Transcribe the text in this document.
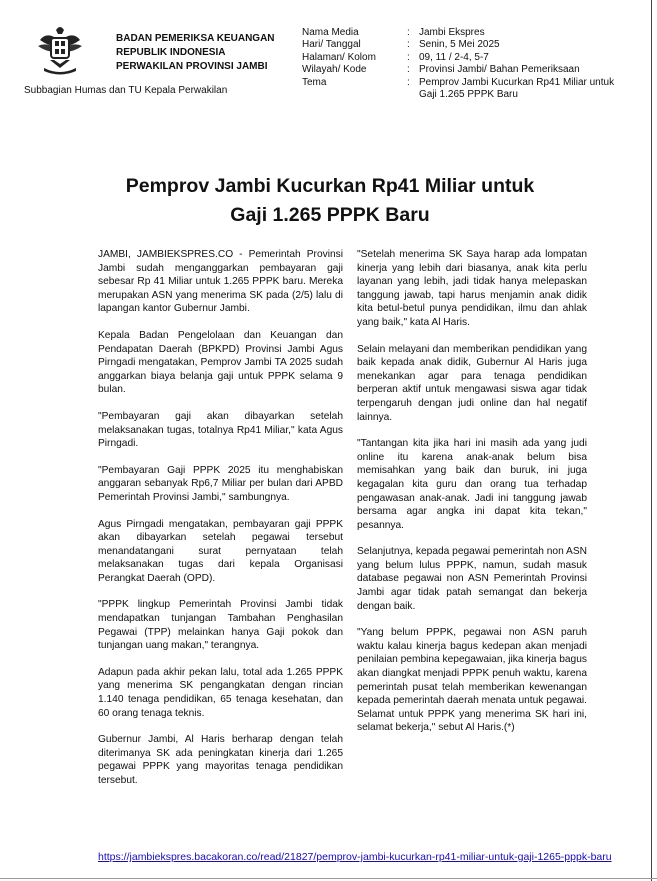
BADAN PEMERIKSA KEUANGAN
REPUBLIK INDONESIA
PERWAKILAN PROVINSI JAMBI
Subbagian Humas dan TU Kepala Perwakilan
Nama Media	: Jambi Ekspres
Hari/ Tanggal	: Senin, 5 Mei 2025
Halaman/ Kolom	: 09, 11 / 2-4, 5-7
Wilayah/ Kode	: Provinsi Jambi/ Bahan Pemeriksaan
Tema	: Pemprov Jambi Kucurkan Rp41 Miliar untuk Gaji 1.265 PPPK Baru
Pemprov Jambi Kucurkan Rp41 Miliar untuk
Gaji 1.265 PPPK Baru

JAMBI, JAMBIEKSPRES.CO - Pemerintah Provinsi Jambi sudah menganggarkan pembayaran gaji sebesar Rp 41 Miliar untuk 1.265 PPPK baru. Mereka merupakan ASN yang menerima SK pada (2/5) lalu di lapangan kantor Gubernur Jambi.

Kepala Badan Pengelolaan dan Keuangan dan Pendapatan Daerah (BPKPD) Provinsi Jambi Agus Pirngadi mengatakan, Pemprov Jambi TA 2025 sudah anggarkan biaya belanja gaji untuk PPPK selama 9 bulan.

"Pembayaran gaji akan dibayarkan setelah melaksanakan tugas, totalnya Rp41 Miliar," kata Agus Pirngadi.

"Pembayaran Gaji PPPK 2025 itu menghabiskan anggaran sebanyak Rp6,7 Miliar per bulan dari APBD Pemerintah Provinsi Jambi," sambungnya.

Agus Pirngadi mengatakan, pembayaran gaji PPPK akan dibayarkan setelah pegawai tersebut menandatangani surat pernyataan telah melaksanakan tugas dari kepala Organisasi Perangkat Daerah (OPD).

"PPPK lingkup Pemerintah Provinsi Jambi tidak mendapatkan tunjangan Tambahan Penghasilan Pegawai (TPP) melainkan hanya Gaji pokok dan tunjangan uang makan," terangnya.

Adapun pada akhir pekan lalu, total ada 1.265 PPPK yang menerima SK pengangkatan dengan rincian 1.140 tenaga pendidikan, 65 tenaga kesehatan, dan 60 orang tenaga teknis.

Gubernur Jambi, Al Haris berharap dengan telah diterimanya SK ada peningkatan kinerja dari 1.265 pegawai PPPK yang mayoritas tenaga pendidikan tersebut.

"Setelah menerima SK Saya harap ada lompatan kinerja yang lebih dari biasanya, anak kita perlu layanan yang lebih, jadi tidak hanya melepaskan tanggung jawab, tapi harus menjamin anak didik kita betul-betul punya pendidikan, ilmu dan ahlak yang baik," kata Al Haris.

Selain melayani dan memberikan pendidikan yang baik kepada anak didik, Gubernur Al Haris juga menekankan agar para tenaga pendidikan berperan aktif untuk mengawasi siswa agar tidak terpengaruh dengan judi online dan hal negatif lainnya.

"Tantangan kita jika hari ini masih ada yang judi online itu karena anak-anak belum bisa memisahkan yang baik dan buruk, ini juga kegagalan kita guru dan orang tua terhadap pengawasan anak-anak. Jadi ini tanggung jawab bersama agar angka ini dapat kita tekan," pesannya.

Selanjutnya, kepada pegawai pemerintah non ASN yang belum lulus PPPK, namun, sudah masuk database pegawai non ASN Pemerintah Provinsi Jambi agar tidak patah semangat dan bekerja dengan baik.

"Yang belum PPPK, pegawai non ASN paruh waktu kalau kinerja bagus kedepan akan menjadi penilaian pembina kepegawaian, jika kinerja bagus akan diangkat menjadi PPPK penuh waktu, karena pemerintah pusat telah memberikan kewenangan kepada pemerintah daerah menata untuk pegawai. Selamat untuk PPPK yang menerima SK hari ini, selamat bekerja," sebut Al Haris.(*)

https://jambiekspres.bacakoran.co/read/21827/pemprov-jambi-kucurkan-rp41-miliar-untuk-gaji-1265-pppk-baru
